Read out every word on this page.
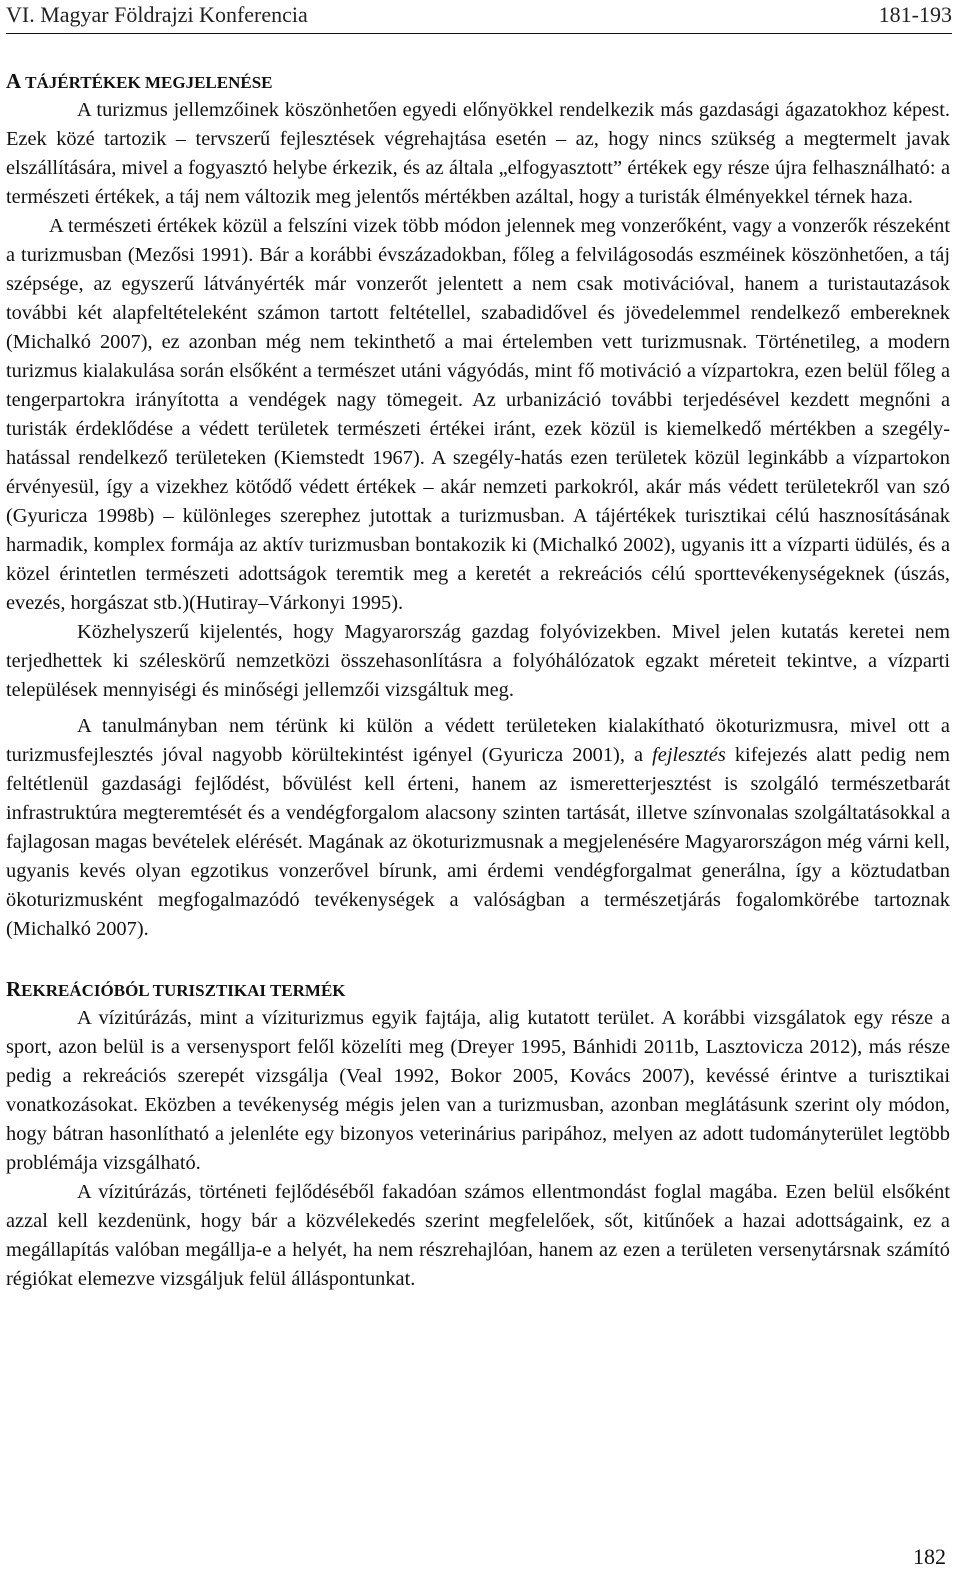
VI. Magyar Földrajzi Konferencia	181-193
A TÁJÉRTÉKEK MEGJELENÉSE

A turizmus jellemzőinek köszönhetően egyedi előnyökkel rendelkezik más gazdasági ágazatokhoz képest. Ezek közé tartozik – tervszerű fejlesztések végrehajtása esetén – az, hogy nincs szükség a megtermelt javak elszállítására, mivel a fogyasztó helybe érkezik, és az általa „elfogyasztott” értékek egy része újra felhasználható: a természeti értékek, a táj nem változik meg jelentős mértékben azáltal, hogy a turisták élményekkel térnek haza.

A természeti értékek közül a felszíni vizek több módon jelennek meg vonzerőként, vagy a vonzerők részeként a turizmusban (Mezősi 1991). Bár a korábbi évszázadokban, főleg a felvilágosodás eszméinek köszönhetően, a táj szépsége, az egyszerű látványérték már vonzerőt jelentett a nem csak motivációval, hanem a turistautazások további két alapfeltételeként számon tartott feltétellel, szabadidővel és jövedelemmel rendelkező embereknek (Michalkó 2007), ez azonban még nem tekinthető a mai értelemben vett turizmusnak. Történetileg, a modern turizmus kialakulása során elsőként a természet utáni vágyódás, mint fő motiváció a vízpartokra, ezen belül főleg a tengerpartokra irányította a vendégek nagy tömegeit. Az urbanizáció további terjedésével kezdett megnőni a turisták érdeklődése a védett területek természeti értékei iránt, ezek közül is kiemelkedő mértékben a szegély-hatással rendelkező területeken (Kiemstedt 1967). A szegély-hatás ezen területek közül leginkább a vízpartokon érvényesül, így a vizekhez kötődő védett értékek – akár nemzeti parkokról, akár más védett területekről van szó (Gyuricza 1998b) – különleges szerephez jutottak a turizmusban. A tájértékek turisztikai célú hasznosításának harmadik, komplex formája az aktív turizmusban bontakozik ki (Michalkó 2002), ugyanis itt a vízparti üdülés, és a közel érintetlen természeti adottságok teremtik meg a keretét a rekreációs célú sporttevékenységeknek (úszás, evezés, horgászat stb.)(Hutiray–Várkonyi 1995).

Közhelyszerű kijelentés, hogy Magyarország gazdag folyóvizekben. Mivel jelen kutatás keretei nem terjedhettek ki széleskörű nemzetközi összehasonlításra a folyóhálózatok egzakt méreteit tekintve, a vízparti települések mennyiségi és minőségi jellemzői vizsgáltuk meg.

A tanulmányban nem térünk ki külön a védett területeken kialakítható ökoturizmusra, mivel ott a turizmusfejlesztés jóval nagyobb körültekintést igényel (Gyuricza 2001), a fejlesztés kifejezés alatt pedig nem feltétlenül gazdasági fejlődést, bővülést kell érteni, hanem az ismeretterjesztést is szolgáló természetbarát infrastruktúra megteremtését és a vendégforgalom alacsony szinten tartását, illetve színvonalas szolgáltatásokkal a fajlagosan magas bevételek elérését. Magának az ökoturizmusnak a megjelenésére Magyarországon még várni kell, ugyanis kevés olyan egzotikus vonzerővel bírunk, ami érdemi vendégforgalmat generálna, így a köztudatban ökoturizmusként megfogalmazódó tevékenységek a valóságban a természetjárás fogalomkörébe tartoznak (Michalkó 2007).

REKREÁCIÓBÓL TURISZTIKAI TERMÉK

A vízitúrázás, mint a víziturizmus egyik fajtája, alig kutatott terület. A korábbi vizsgálatok egy része a sport, azon belül is a versenysport felől közelíti meg (Dreyer 1995, Bánhidi 2011b, Lasztovicza 2012), más része pedig a rekreációs szerepét vizsgálja (Veal 1992, Bokor 2005, Kovács 2007), kevéssé érintve a turisztikai vonatkozásokat. Eközben a tevékenység mégis jelen van a turizmusban, azonban meglátásunk szerint oly módon, hogy bátran hasonlítható a jelenléte egy bizonyos veterinárius paripához, melyen az adott tudományterület legtöbb problémája vizsgálható.

A vízitúrázás, történeti fejlődéséből fakadóan számos ellentmondást foglal magába. Ezen belül elsőként azzal kell kezdenünk, hogy bár a közvélekedés szerint megfelelőek, sőt, kitűnőek a hazai adottságaink, ez a megállapítás valóban megállja-e a helyét, ha nem részrehajlóan, hanem az ezen a területen versenytársnak számító régiókat elemezve vizsgáljuk felül álláspontunkat.

182
